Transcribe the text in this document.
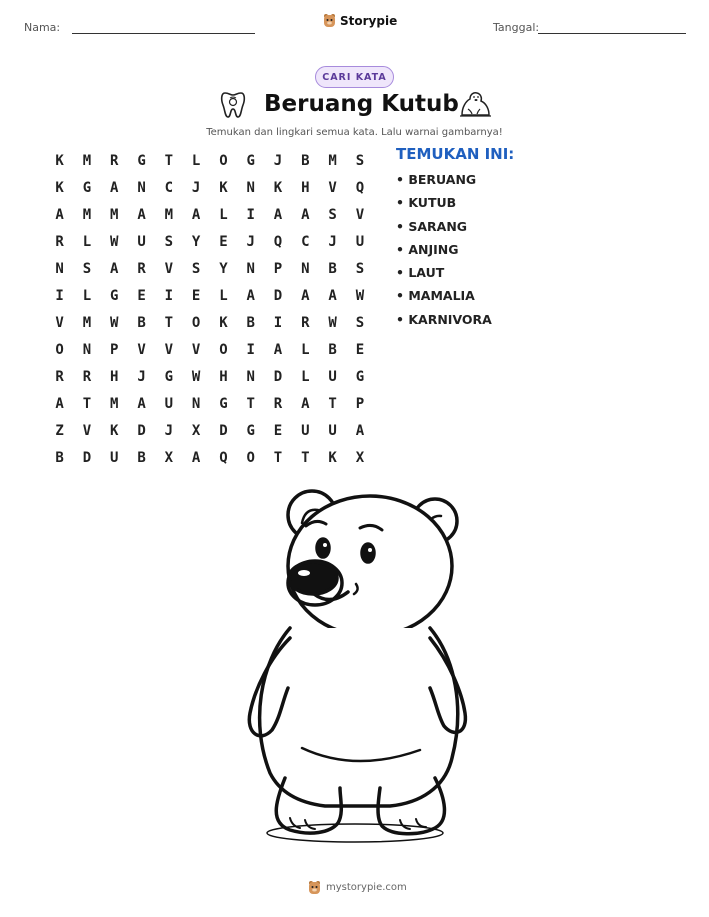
Nama:	Storypie	Tanggal:
CARI KATA
Beruang Kutub
Temukan dan lingkari semua kata. Lalu warnai gambarnya!
K	M	R	G	T	L	O	G	J	B	M	S
K	G	A	N	C	J	K	N	K	H	V	Q
A	M	M	A	M	A	L	I	A	A	S	V
R	L	W	U	S	Y	E	J	Q	C	J	U
N	S	A	R	V	S	Y	N	P	N	B	S
I	L	G	E	I	E	L	A	D	A	A	W
V	M	W	B	T	O	K	B	I	R	W	S
O	N	P	V	V	V	O	I	A	L	B	E
R	R	H	J	G	W	H	N	D	L	U	G
A	T	M	A	U	N	G	T	R	A	T	P
Z	V	K	D	J	X	D	G	E	U	U	A
B	D	U	B	X	A	Q	O	T	T	K	X
TEMUKAN INI:
• BERUANG
• KUTUB
• SARANG
• ANJING
• LAUT
• MAMALIA
• KARNIVORA
mystorypie.com
